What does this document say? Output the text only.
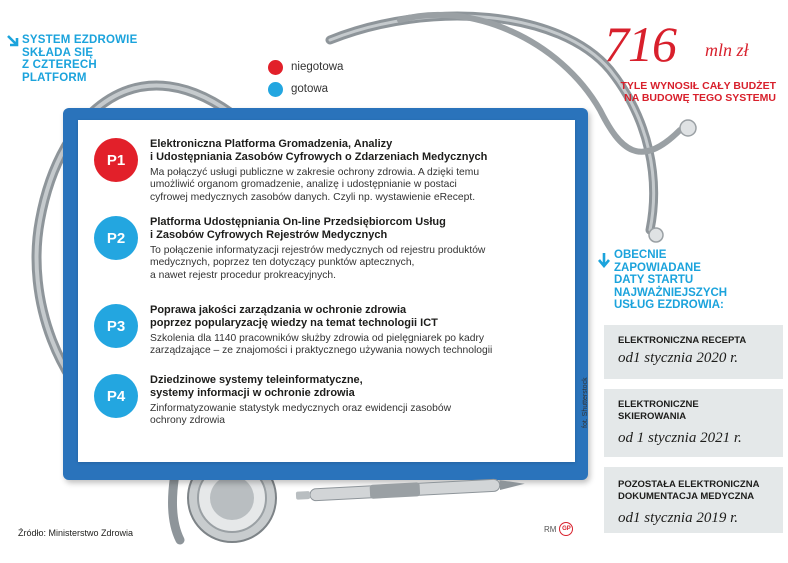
SYSTEM EZDROWIE
SKŁADA SIĘ
Z CZTERECH
PLATFORM
niegotowa
gotowa
716 mln zł
TYLE WYNOSIŁ CAŁY BUDŻET
NA BUDOWĘ TEGO SYSTEMU
P1
Elektroniczna Platforma Gromadzenia, Analizy
i Udostępniania Zasobów Cyfrowych o Zdarzeniach Medycznych
Ma połączyć usługi publiczne w zakresie ochrony zdrowia. A dzięki temu
umożliwić organom gromadzenie, analizę i udostępnianie w postaci
cyfrowej medycznych zasobów danych. Czyli np. wystawienie eRecept.
P2
Platforma Udostępniania On-line Przedsiębiorcom Usług
i Zasobów Cyfrowych Rejestrów Medycznych
To połączenie informatyzacji rejestrów medycznych od rejestru produktów
medycznych, poprzez ten dotyczący punktów aptecznych,
a nawet rejestr procedur prokreacyjnych.
P3
Poprawa jakości zarządzania w ochronie zdrowia
poprzez popularyzację wiedzy na temat technologii ICT
Szkolenia dla 1140 pracowników służby zdrowia od pielęgniarek po kadry
zarządzające – ze znajomości i praktycznego używania nowych technologii
P4
Dziedzinowe systemy teleinformatyczne,
systemy informacji w ochronie zdrowia
Zinformatyzowanie statystyk medycznych oraz ewidencji zasobów
ochrony zdrowia
OBECNIE
ZAPOWIADANE
DATY STARTU
NAJWAŻNIEJSZYCH
USŁUG EZDROWIA:
ELEKTRONICZNA RECEPTA
od1 stycznia 2020 r.
ELEKTRONICZNE
SKIEROWANIA
od 1 stycznia 2021 r.
POZOSTAŁA ELEKTRONICZNA
DOKUMENTACJA MEDYCZNA
od1 stycznia 2019 r.
Źródło: Ministerstwo Zdrowia	RM GP
fot. Shutterstock
